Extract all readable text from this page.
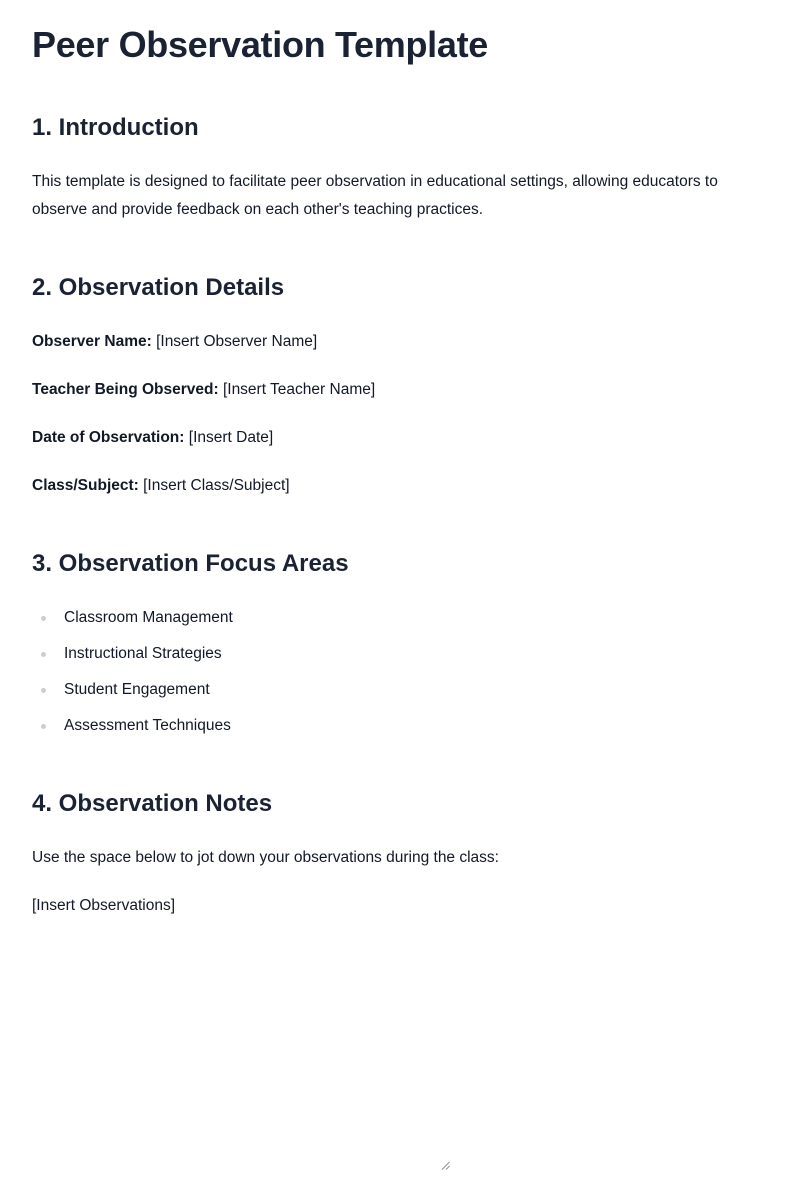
Peer Observation Template
1. Introduction

This template is designed to facilitate peer observation in educational settings, allowing educators to observe and provide feedback on each other's teaching practices.

2. Observation Details

Observer Name: [Insert Observer Name]

Teacher Being Observed: [Insert Teacher Name]

Date of Observation: [Insert Date]

Class/Subject: [Insert Class/Subject]

3. Observation Focus Areas
Classroom Management
Instructional Strategies
Student Engagement
Assessment Techniques
4. Observation Notes

Use the space below to jot down your observations during the class:

[Insert Observations]
